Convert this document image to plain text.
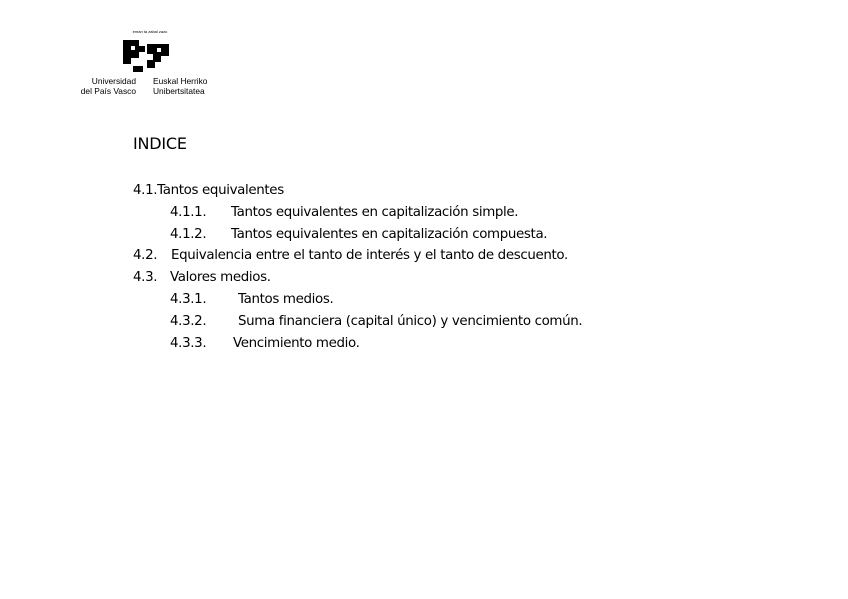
eman ta zabal zazu
Universidad
del País Vasco
Euskal Herriko
Unibertsitatea
INDICE
4.1.Tantos equivalentes
4.1.1. Tantos equivalentes en capitalización simple.
4.1.2. Tantos equivalentes en capitalización compuesta.
4.2. Equivalencia entre el tanto de interés y el tanto de descuento.
4.3. Valores medios.
4.3.1. Tantos medios.
4.3.2. Suma financiera (capital único) y vencimiento común.
4.3.3. Vencimiento medio.
